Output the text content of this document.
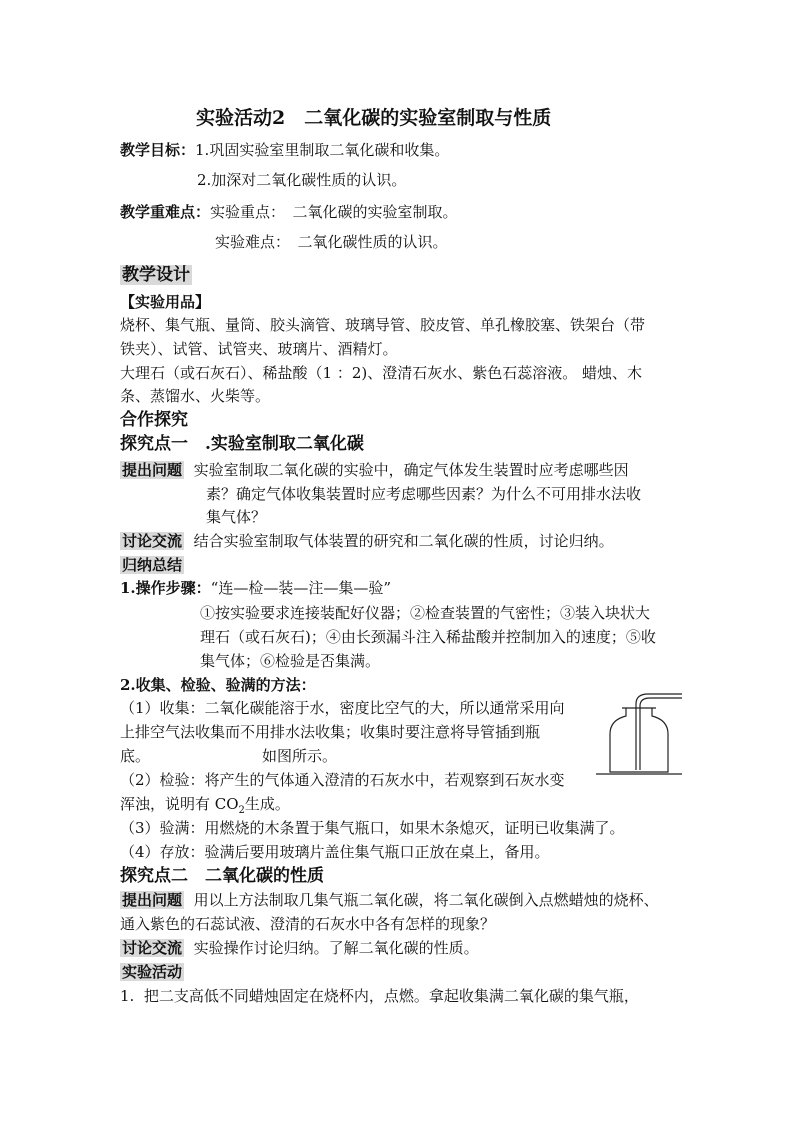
实验活动2　二氧化碳的实验室制取与性质
教学目标：1.巩固实验室里制取二氧化碳和收集。
2.加深对二氧化碳性质的认识。
教学重难点：实验重点：　二氧化碳的实验室制取。
实验难点：　二氧化碳性质的认识。
教学设计
【实验用品】
烧杯、集气瓶、量筒、胶头滴管、玻璃导管、胶皮管、单孔橡胶塞、铁架台（带
铁夹）、试管、试管夹、玻璃片、酒精灯。
大理石（或石灰石）、稀盐酸（1 ：2)、澄清石灰水、紫色石蕊溶液。 蜡烛、木
条、蒸馏水、火柴等。
合作探究
探究点一　.实验室制取二氧化碳
提出问题 实验室制取二氧化碳的实验中，确定气体发生装置时应考虑哪些因
素？确定气体收集装置时应考虑哪些因素？为什么不可用排水法收
集气体？
讨论交流 结合实验室制取气体装置的研究和二氧化碳的性质，讨论归纳。
归纳总结
1.操作步骤：“连—检—装—注—集—验”
①按实验要求连接装配好仪器；②检查装置的气密性；③装入块状大
理石（或石灰石)；④由长颈漏斗注入稀盐酸并控制加入的速度；⑤收
集气体；⑥检验是否集满。
2.收集、检验、验满的方法：
（1）收集：二氧化碳能溶于水，密度比空气的大，所以通常采用向
上排空气法收集而不用排水法收集；收集时要注意将导管插到瓶
底。	如图所示。
（2）检验：将产生的气体通入澄清的石灰水中，若观察到石灰水变
浑浊，说明有 $CO_2$生成。
（3）验满：用燃烧的木条置于集气瓶口，如果木条熄灭，证明已收集满了。
（4）存放：验满后要用玻璃片盖住集气瓶口正放在桌上，备用。
探究点二　二氧化碳的性质
提出问题 用以上方法制取几集气瓶二氧化碳，将二氧化碳倒入点燃蜡烛的烧杯、
通入紫色的石蕊试液、澄清的石灰水中各有怎样的现象？
讨论交流 实验操作讨论归纳。了解二氧化碳的性质。
实验活动
1. 把二支高低不同蜡烛固定在烧杯内，点燃。拿起收集满二氧化碳的集气瓶，
